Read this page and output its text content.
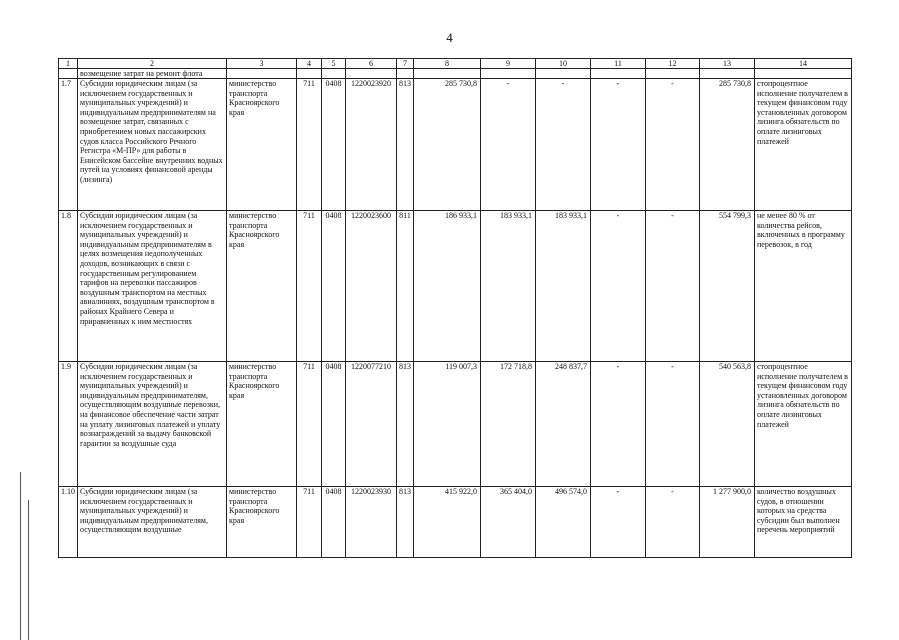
4
1	2	3	4	5	6	7	8	9	10	11	12	13	14
	возмещение затрат на ремонт флота												
1.7	Субсидии юридическим лицам (за исключением государственных и муниципальных учреждений) и индивидуальным предпринимателям на возмещение затрат, связанных с приобретением новых пассажирских судов класса Российского Речного Регистра «М-ПР» для работы в Енисейском бассейне внутренних водных путей на условиях финансовой аренды (лизинга)	министерство транспорта Красноярского края	711	0408	1220023920	813	285 730,8	-	-	-	-	285 730,8	стопроцентное исполнение получателем в текущем финансовом году установленных договором лизинга обязательств по оплате лизинговых платежей
1.8	Субсидии юридическим лицам (за исключением государственных и муниципальных учреждений) и индивидуальным предпринимателям в целях возмещения недополученных доходов, возникающих в связи с государственным регулированием тарифов на перевозки пассажиров воздушным транспортом на местных авиалиниях, воздушным транспортом в районах Крайнего Севера и приравненных к ним местностях	министерство транспорта Красноярского края	711	0408	1220023600	811	186 933,1	183 933,1	183 933,1	-	-	554 799,3	не менее 80 % от количества рейсов, включенных в программу перевозок, в год
1.9	Субсидии юридическим лицам (за исключением государственных и муниципальных учреждений) и индивидуальным предпринимателям, осуществляющим воздушные перевозки, на финансовое обеспечение части затрат на уплату лизинговых платежей и уплату вознаграждений за выдачу банковской гарантии за воздушные суда	министерство транспорта Красноярского края	711	0408	1220077210	813	119 007,3	172 718,8	248 837,7	-	-	540 563,8	стопроцентное исполнение получателем в текущем финансовом году установленных договором лизинга обязательств по оплате лизинговых платежей
1.10	Субсидии юридическим лицам (за исключением государственных и муниципальных учреждений) и индивидуальным предпринимателям, осуществляющим воздушные	министерство транспорта Красноярского края	711	0408	1220023930	813	415 922,0	365 404,0	496 574,0	-	-	1 277 900,0	количество воздушных судов, в отношении которых на средства субсидии был выполнен перечень мероприятий
